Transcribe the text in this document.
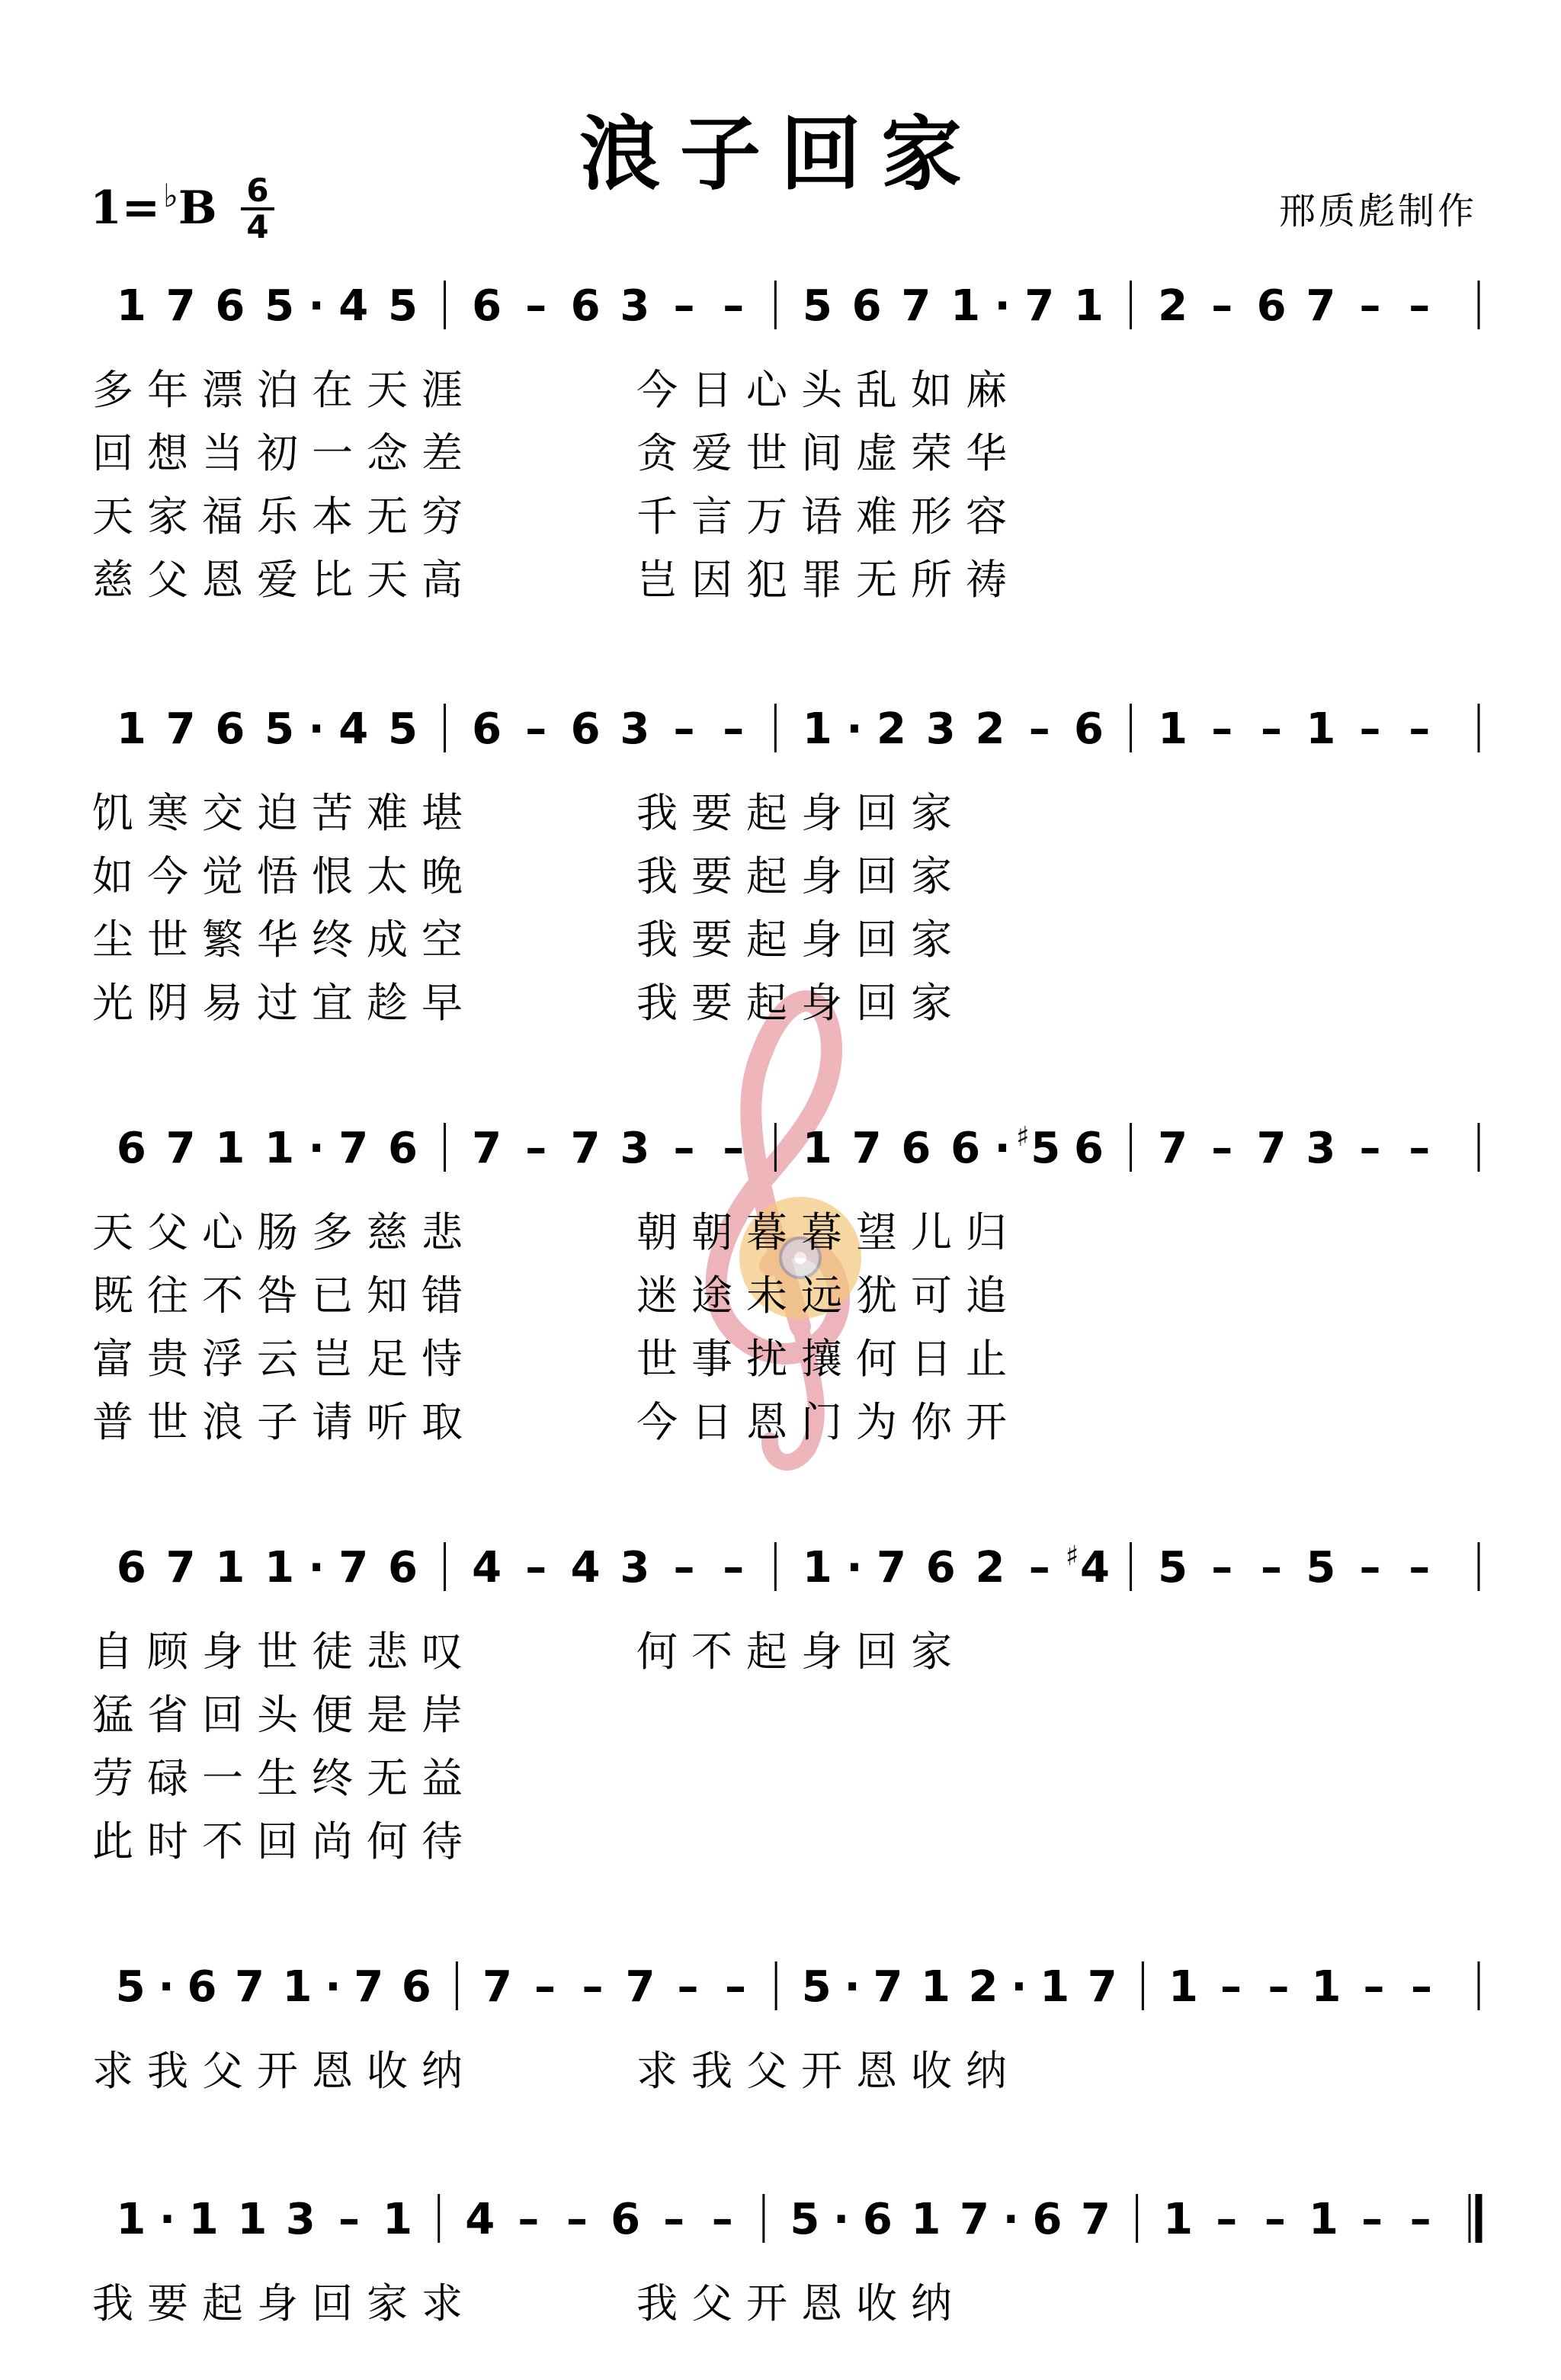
浪子回家
1=♭B 6
4	邢质彪制作
1 7 6 5 · 4 5 6 – 6 3 – – 5 6 7 1 · 7 1 2 – 6 7 – –
多 年 漂 泊 在 天 涯	今 日 心 头 乱 如 麻
回 想 当 初 一 念 差	贪 爱 世 间 虚 荣 华
天 家 福 乐 本 无 穷	千 言 万 语 难 形 容
慈 父 恩 爱 比 天 高	岂 因 犯 罪 无 所 祷
1 7 6 5 · 4 5 6 – 6 3 – – 1 · 2 3 2 – 6 1 – – 1 – –
饥 寒 交 迫 苦 难 堪	我 要 起 身 回 家
如 今 觉 悟 恨 太 晚	我 要 起 身 回 家
尘 世 繁 华 终 成 空	我 要 起 身 回 家
光 阴 易 过 宜 趁 早	我 要 起 身 回 家
6 7 1 1 · 7 6 7 – 7 3 – – 1 7 6 6 · ♯ 5 6 7 – 7 3 – –
天 父 心 肠 多 慈 悲	朝 朝 暮 暮 望 儿 归
既 往 不 咎 已 知 错	迷 途 未 远 犹 可 追
富 贵 浮 云 岂 足 恃	世 事 扰 攘 何 日 止
普 世 浪 子 请 听 取	今 日 恩 门 为 你 开
6 7 1 1 · 7 6 4 – 4 3 – – 1 · 7 6 2 – ♯ 4 5 – – 5 – –
自 顾 身 世 徒 悲 叹	何 不 起 身 回 家
猛 省 回 头 便 是 岸
劳 碌 一 生 终 无 益
此 时 不 回 尚 何 待
5 · 6 7 1 · 7 6 7 – – 7 – – 5 · 7 1 2 · 1 7 1 – – 1 – –
求 我 父 开 恩 收 纳	求 我 父 开 恩 收 纳
1 · 1 1 3 – 1 4 – – 6 – – 5 · 6 1 7 · 6 7 1 – – 1 – –
我 要 起 身 回 家 求	我 父 开 恩 收 纳
